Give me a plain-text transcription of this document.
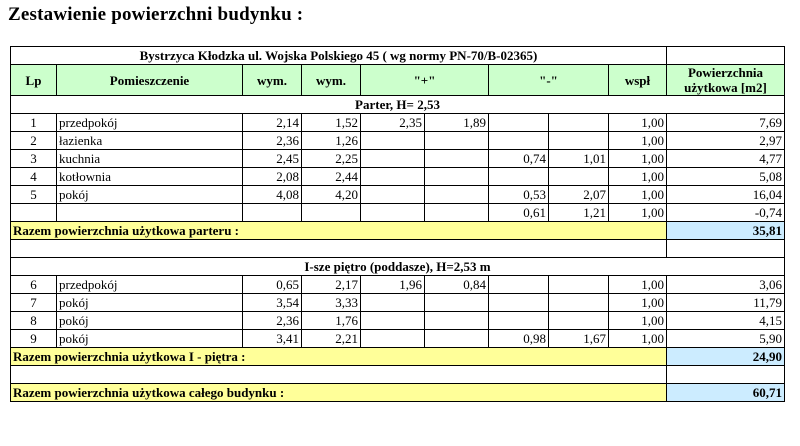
Zestawienie powierzchni budynku :
Bystrzyca Kłodzka ul. Wojska Polskiego 45 ( wg normy PN-70/B-02365)									
Lp	Pomieszczenie	wym.	wym.	"+"		"-"		wspł	Powierzchnia
użytkowa [m2]

Parter, H= 2,53									
1	przedpokój	2,14	1,52	2,35	1,89			1,00	7,69
2	łazienka	2,36	1,26					1,00	2,97
3	kuchnia	2,45	2,25			0,74	1,01	1,00	4,77
4	kotłownia	2,08	2,44					1,00	5,08
5	pokój	4,08	4,20			0,53	2,07	1,00	16,04
						0,61	1,21	1,00	-0,74
Razem powierzchnia użytkowa parteru :									35,81

I-sze piętro (poddasze), H=2,53 m									
6	przedpokój	0,65	2,17	1,96	0,84			1,00	3,06
7	pokój	3,54	3,33					1,00	11,79
8	pokój	2,36	1,76					1,00	4,15
9	pokój	3,41	2,21			0,98	1,67	1,00	5,90
Razem powierzchnia użytkowa I - piętra :									24,90

Razem powierzchnia użytkowa całego budynku :									60,71
